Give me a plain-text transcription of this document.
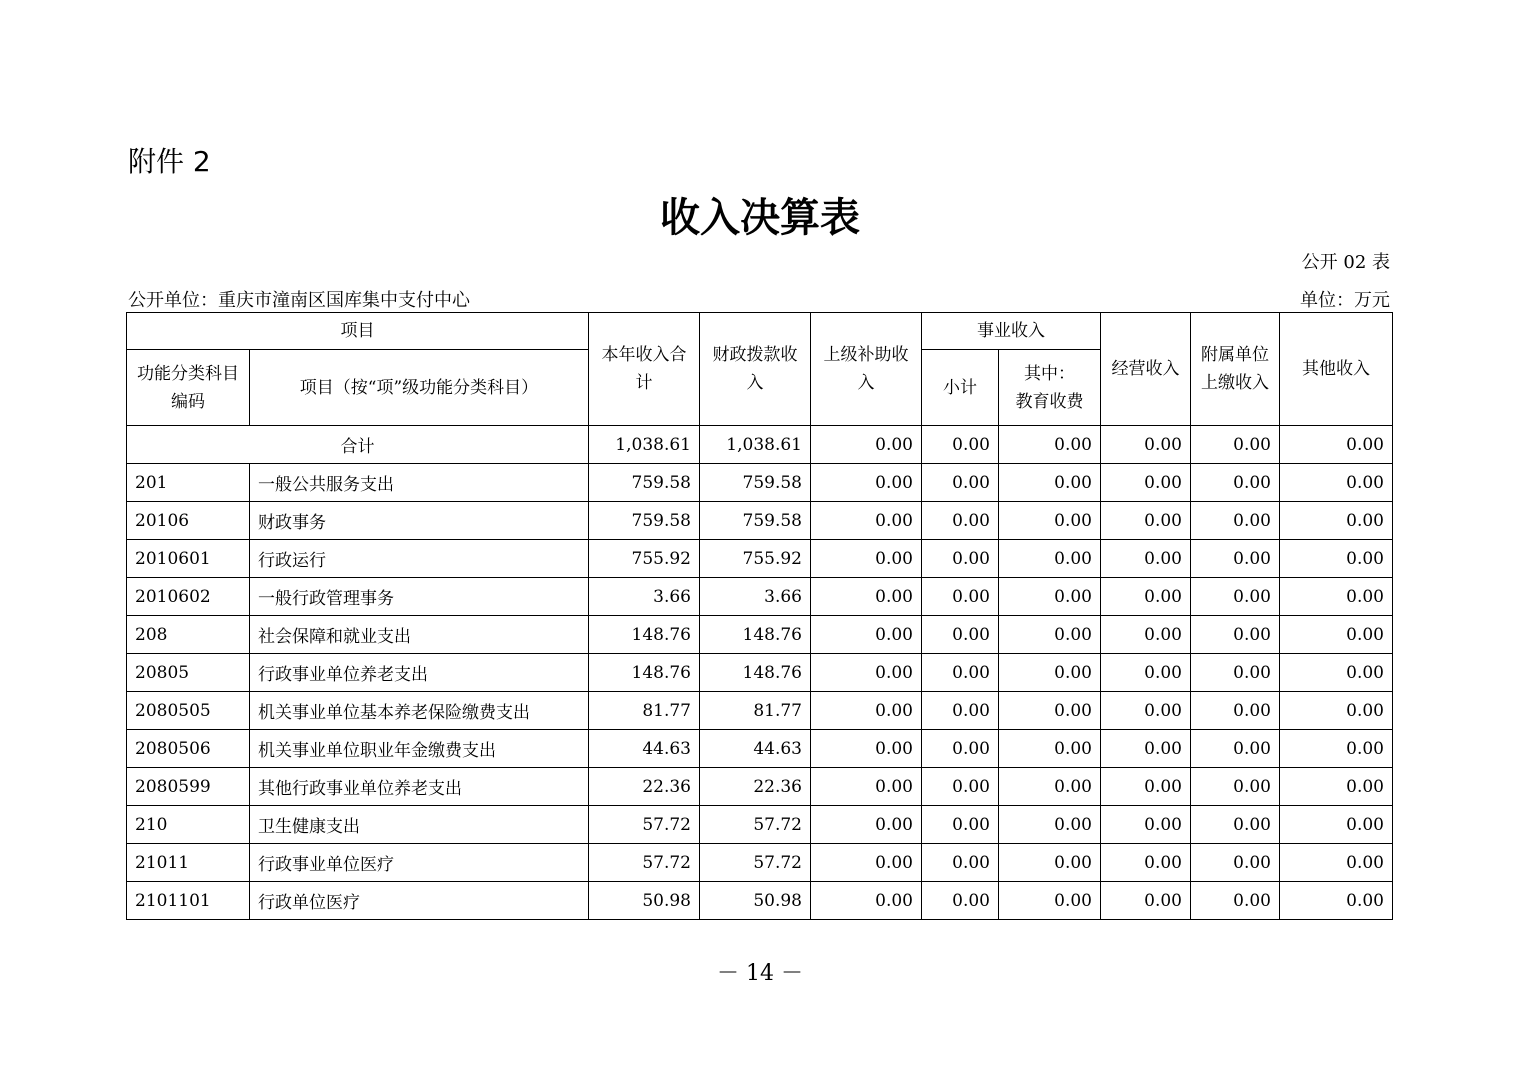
附件 2
收入决算表
公开 02 表
公开单位：重庆市潼南区国库集中支付中心	单位：万元
项目		本年收入合计	财政拨款收入	上级补助收入	事业收入		经营收入	附属单位上缴收入	其他收入
功能分类科目编码	项目（按“项”级功能分类科目）				小计	其中：
教育收费			
合计		1,038.61	1,038.61	0.00	0.00	0.00	0.00	0.00	0.00
201	一般公共服务支出	759.58	759.58	0.00	0.00	0.00	0.00	0.00	0.00
20106	财政事务	759.58	759.58	0.00	0.00	0.00	0.00	0.00	0.00
2010601	行政运行	755.92	755.92	0.00	0.00	0.00	0.00	0.00	0.00
2010602	一般行政管理事务	3.66	3.66	0.00	0.00	0.00	0.00	0.00	0.00
208	社会保障和就业支出	148.76	148.76	0.00	0.00	0.00	0.00	0.00	0.00
20805	行政事业单位养老支出	148.76	148.76	0.00	0.00	0.00	0.00	0.00	0.00
2080505	机关事业单位基本养老保险缴费支出	81.77	81.77	0.00	0.00	0.00	0.00	0.00	0.00
2080506	机关事业单位职业年金缴费支出	44.63	44.63	0.00	0.00	0.00	0.00	0.00	0.00
2080599	其他行政事业单位养老支出	22.36	22.36	0.00	0.00	0.00	0.00	0.00	0.00
210	卫生健康支出	57.72	57.72	0.00	0.00	0.00	0.00	0.00	0.00
21011	行政事业单位医疗	57.72	57.72	0.00	0.00	0.00	0.00	0.00	0.00
2101101	行政单位医疗	50.98	50.98	0.00	0.00	0.00	0.00	0.00	0.00
－ 14 －
